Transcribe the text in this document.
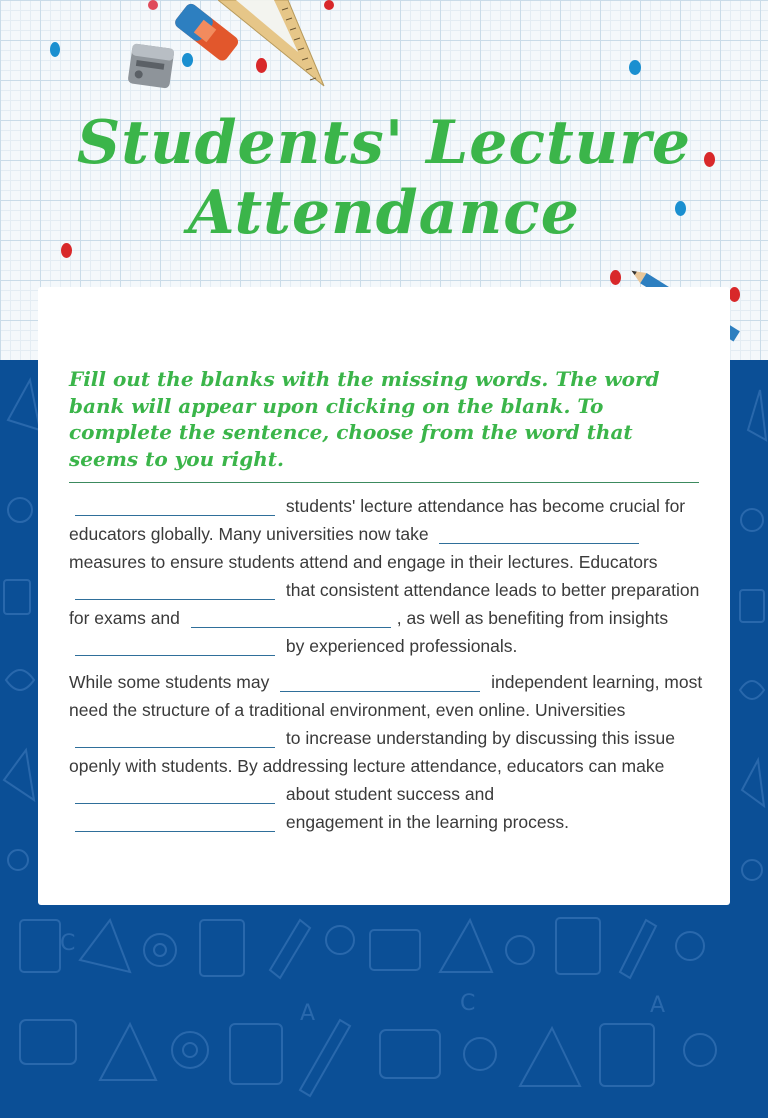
Students' Lecture Attendance
C
A	C	A
Fill out the blanks with the missing words. The word bank will appear upon clicking on the blank. To complete the sentence, choose from the word that seems to you right.

students' lecture attendance has become crucial for educators globally. Many universities now take  measures to ensure students attend and engage in their lectures. Educators  that consistent attendance leads to better preparation for exams and	, as well as benefiting from insights  by experienced professionals.

While some students may	independent learning, most need the structure of a traditional environment, even online. Universities  to increase understanding by discussing this issue openly with students. By addressing lecture attendance, educators can make  about student success and  engagement in the learning process.
